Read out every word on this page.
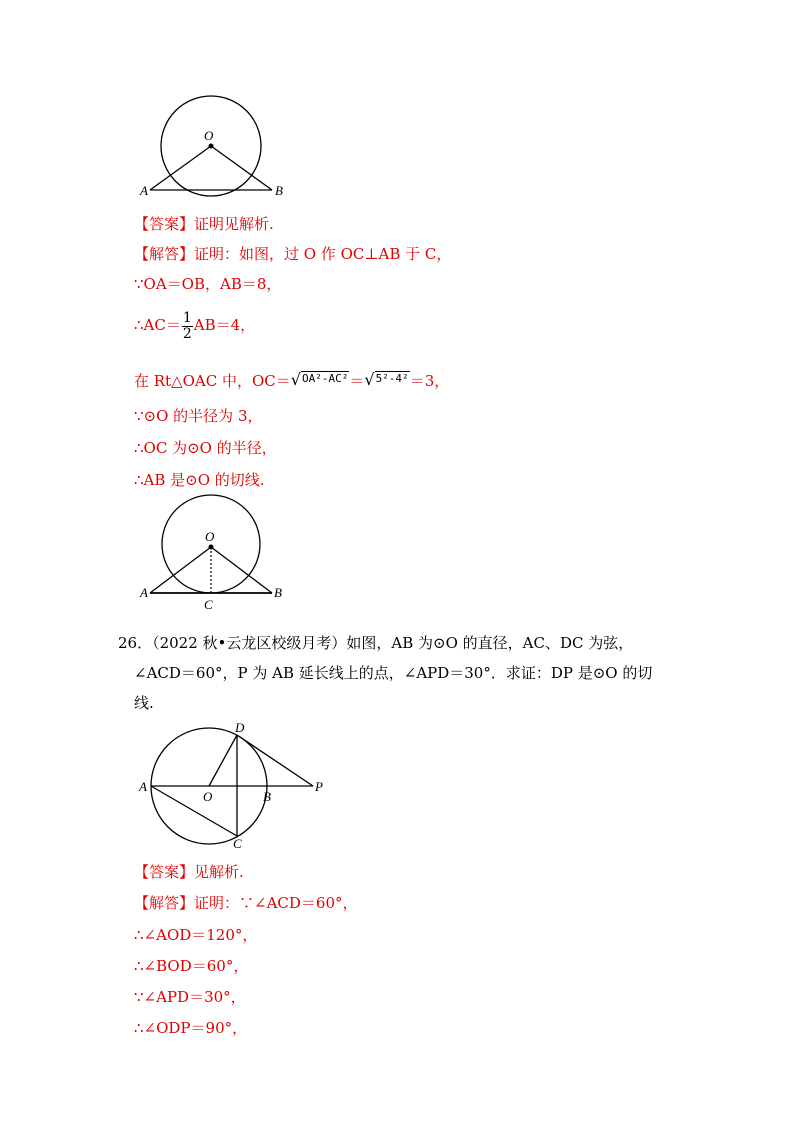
O
A	B
【答案】证明见解析.
【解答】证明：如图，过 O 作 OC⊥AB 于 C，
∵OA＝OB，AB＝8，
∴AC＝ $\frac{1}{2} AB=4$，
在 Rt△OAC 中，OC＝√OA²-AC²＝√5²-4²＝3，
∵⊙O 的半径为 3，
∴OC 为⊙O 的半径，
∴AB 是⊙O 的切线.
O
A	B
C
26．（2022 秋•云龙区校级月考）如图，AB 为⊙O 的直径，AC、DC 为弦，
∠ACD＝60°，P 为 AB 延长线上的点，∠APD＝30°．求证：DP 是⊙O 的切
线.
A
O	B
P
D
C
【答案】见解析.
【解答】证明：∵∠ACD＝60°，
∴∠AOD＝120°，
∴∠BOD＝60°，
∵∠APD＝30°，
∴∠ODP＝90°，
